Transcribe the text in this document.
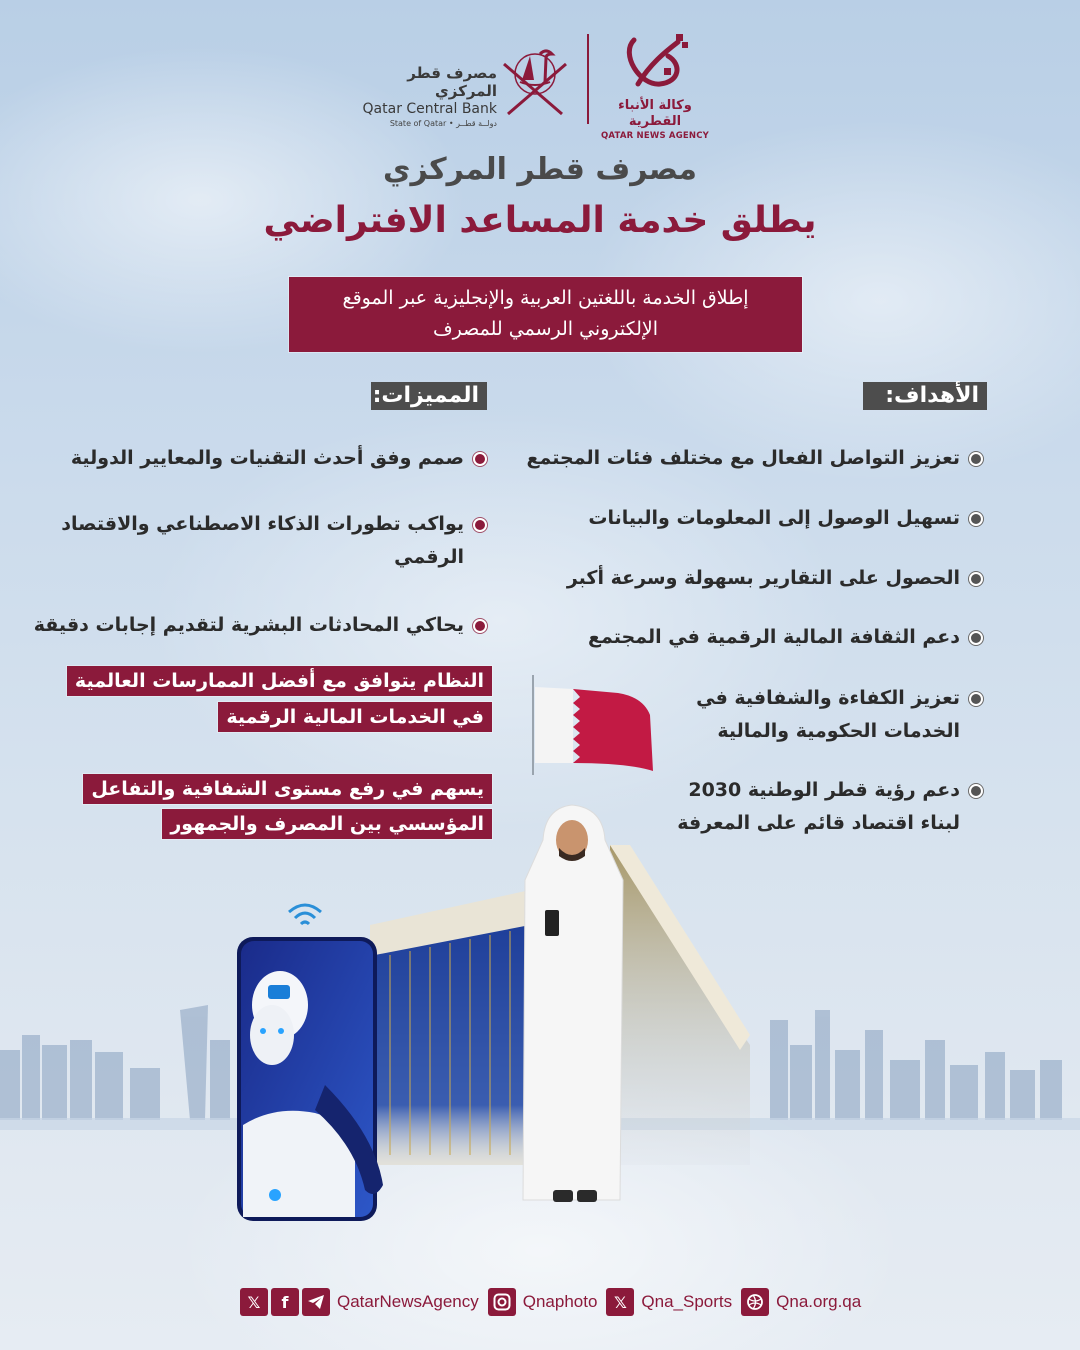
مصرف قطر المركزي
Qatar Central Bank
State of Qatar • دولــة قطــر
وكالة الأنباء القطرية
QATAR NEWS AGENCY
مصرف قطر المركزي
يطلق خدمة المساعد الافتراضي
إطلاق الخدمة باللغتين العربية والإنجليزية عبر الموقع
الإلكتروني الرسمي للمصرف
الأهداف:
المميزات:
تعزيز التواصل الفعال مع مختلف فئات المجتمع
تسهيل الوصول إلى المعلومات والبيانات
الحصول على التقارير بسهولة وسرعة أكبر
دعم الثقافة المالية الرقمية في المجتمع
تعزيز الكفاءة والشفافية في الخدمات الحكومية والمالية
دعم رؤية قطر الوطنية 2030 لبناء اقتصاد قائم على المعرفة
صمم وفق أحدث التقنيات والمعايير الدولية
يواكب تطورات الذكاء الاصطناعي والاقتصاد الرقمي
يحاكي المحادثات البشرية لتقديم إجابات دقيقة
النظام يتوافق مع أفضل الممارسات العالمية
في الخدمات المالية الرقمية
يسهم في رفع مستوى الشفافية والتفاعل
المؤسسي بين المصرف والجمهور
𝕏	f	QatarNewsAgency	Qnaphoto	𝕏 Qna_Sports	Qna.org.qa
